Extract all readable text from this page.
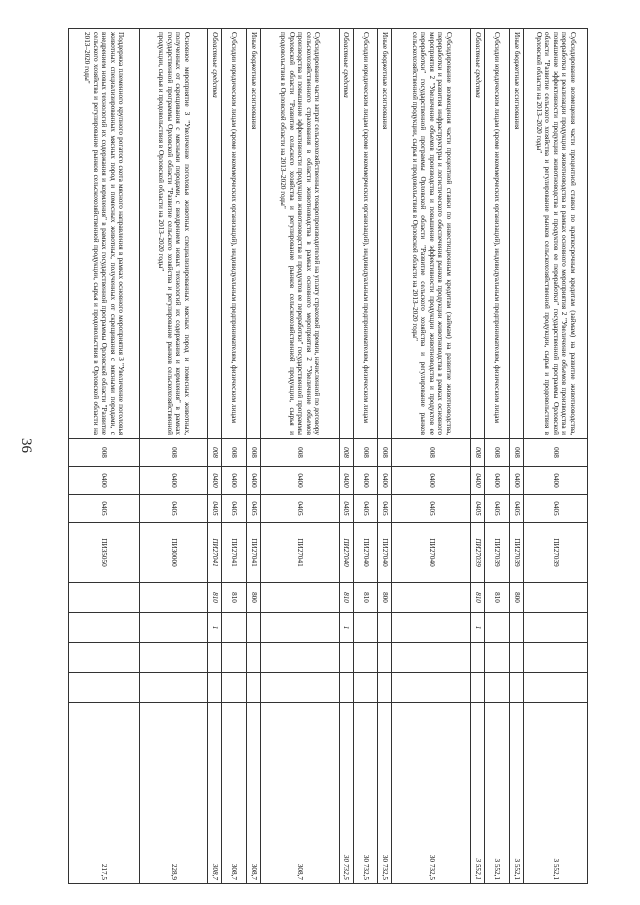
36
Субсидирование возмещения части процентной ставки по краткосрочным кредитам (займам) на развитие животноводства, переработки и реализации продукции животноводства в рамках основного мероприятия 2 "Увеличение объемов производства и повышение эффективности продукции животноводства и продуктов ее переработки" государственной программы Орловской области "Развитие сельского хозяйства и регулирование рынков сельскохозяйственной продукции, сырья и продовольствия в Орловской области на 2013–2020 годы"	008	0400	0405	ПИ27039					3 552,1
Иные бюджетные ассигнования	008	0400	0405	ПИ27039	800				3 552,1
Субсидии юридическим лицам (кроме некоммерческих организаций), индивидуальным предпринимателям, физическим лицам	008	0400	0405	ПИ27039	810				3 552,1
Областные средства	008	0400	0405	ПИ27039	810	1			3 552,1
Субсидирование возмещения части процентной ставки по инвестиционным кредитам (займам) на развитие животноводства, переработки и развития инфраструктуры и логистического обеспечения рынков продукции животноводства в рамках основного мероприятия 2 "Увеличение объемов производства и повышение эффективности продукции животноводства и продуктов ее переработки" государственной программы Орловской области "Развитие сельского хозяйства и регулирование рынков сельскохозяйственной продукции, сырья и продовольствия в Орловской области на 2013–2020 годы"	008	0400	0405	ПИ27040					30 732,5
Иные бюджетные ассигнования	008	0400	0405	ПИ27040	800				30 732,5
Субсидии юридическим лицам (кроме некоммерческих организаций), индивидуальным предпринимателям, физическим лицам	008	0400	0405	ПИ27040	810				30 732,5
Областные средства	008	0400	0405	ПИ27040	810	1			30 732,5
Субсидирование части затрат сельскохозяйственных товаропроизводителей на уплату страховой премии, начисленной по договору сельскохозяйственного страхования в области животноводства в рамках основного мероприятия 2 "Увеличение объемов производства и повышение эффективности продукции животноводства и продуктов ее переработки" государственной программы Орловской области "Развитие сельского хозяйства и регулирование рынков сельскохозяйственной продукции, сырья и продовольствия в Орловской области на 2013–2020 годы"	008	0400	0405	ПИ27041					308,7
Иные бюджетные ассигнования	008	0400	0405	ПИ27041	800				308,7
Субсидии юридическим лицам (кроме некоммерческих организаций), индивидуальным предпринимателям, физическим лицам	008	0400	0405	ПИ27041	810				308,7
Областные средства	008	0400	0405	ПИ27041	810	1			308,7
Основное мероприятие 3 "Увеличение поголовья животных специализированных мясных пород и помесных животных, полученных от скрещивания с мясными породами, с внедрением новых технологий их содержания и кормления" в рамках государственной программы Орловской области "Развитие сельского хозяйства и регулирование рынков сельскохозяйственной продукции, сырья и продовольствия в Орловской области на 2013–2020 годы"	008	0400	0405	ПИ30000					228,9
Поддержка племенного крупного рогатого скота мясного направления в рамках основного мероприятия 3 "Увеличение поголовья животных специализированных мясных пород и помесных животных, полученных от скрещивания с мясными породами, с внедрением новых технологий их содержания и кормления" в рамках государственной программы Орловской области "Развитие сельского хозяйства и регулирование рынков сельскохозяйственной продукции, сырья и продовольствия в Орловской области на 2013–2020 годы"	008	0400	0405	ПИ35050					217,5
